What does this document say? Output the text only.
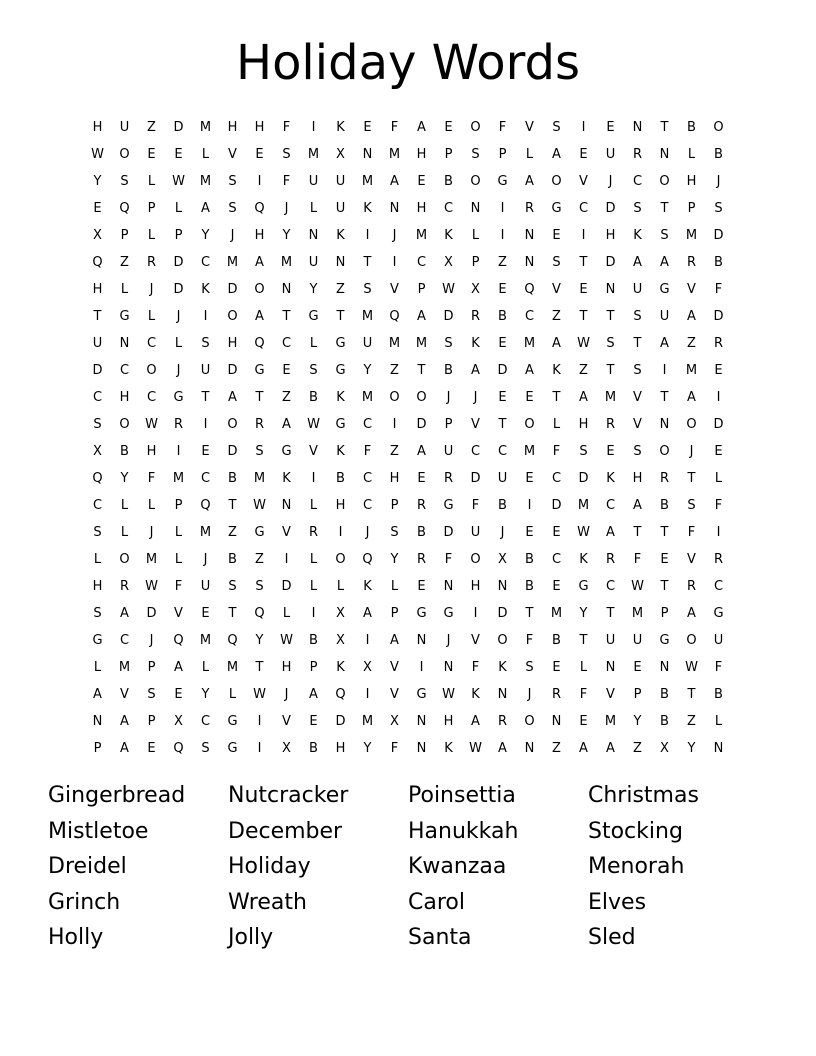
Holiday Words
H	U	Z	D	M	H	H	F	I	K	E	F	A	E	O	F	V	S	I	E	N	T	B	O
W	O	E	E	L	V	E	S	M	X	N	M	H	P	S	P	L	A	E	U	R	N	L	B
Y	S	L	W	M	S	I	F	U	U	M	A	E	B	O	G	A	O	V	J	C	O	H	J
E	Q	P	L	A	S	Q	J	L	U	K	N	H	C	N	I	R	G	C	D	S	T	P	S
X	P	L	P	Y	J	H	Y	N	K	I	J	M	K	L	I	N	E	I	H	K	S	M	D
Q	Z	R	D	C	M	A	M	U	N	T	I	C	X	P	Z	N	S	T	D	A	A	R	B
H	L	J	D	K	D	O	N	Y	Z	S	V	P	W	X	E	Q	V	E	N	U	G	V	F
T	G	L	J	I	O	A	T	G	T	M	Q	A	D	R	B	C	Z	T	T	S	U	A	D
U	N	C	L	S	H	Q	C	L	G	U	M	M	S	K	E	M	A	W	S	T	A	Z	R
D	C	O	J	U	D	G	E	S	G	Y	Z	T	B	A	D	A	K	Z	T	S	I	M	E
C	H	C	G	T	A	T	Z	B	K	M	O	O	J	J	E	E	T	A	M	V	T	A	I
S	O	W	R	I	O	R	A	W	G	C	I	D	P	V	T	O	L	H	R	V	N	O	D
X	B	H	I	E	D	S	G	V	K	F	Z	A	U	C	C	M	F	S	E	S	O	J	E
Q	Y	F	M	C	B	M	K	I	B	C	H	E	R	D	U	E	C	D	K	H	R	T	L
C	L	L	P	Q	T	W	N	L	H	C	P	R	G	F	B	I	D	M	C	A	B	S	F
S	L	J	L	M	Z	G	V	R	I	J	S	B	D	U	J	E	E	W	A	T	T	F	I
L	O	M	L	J	B	Z	I	L	O	Q	Y	R	F	O	X	B	C	K	R	F	E	V	R
H	R	W	F	U	S	S	D	L	L	K	L	E	N	H	N	B	E	G	C	W	T	R	C
S	A	D	V	E	T	Q	L	I	X	A	P	G	G	I	D	T	M	Y	T	M	P	A	G
G	C	J	Q	M	Q	Y	W	B	X	I	A	N	J	V	O	F	B	T	U	U	G	O	U
L	M	P	A	L	M	T	H	P	K	X	V	I	N	F	K	S	E	L	N	E	N	W	F
A	V	S	E	Y	L	W	J	A	Q	I	V	G	W	K	N	J	R	F	V	P	B	T	B
N	A	P	X	C	G	I	V	E	D	M	X	N	H	A	R	O	N	E	M	Y	B	Z	L
P	A	E	Q	S	G	I	X	B	H	Y	F	N	K	W	A	N	Z	A	A	Z	X	Y	N
Gingerbread	Nutcracker	Poinsettia	Christmas
Mistletoe	December	Hanukkah	Stocking
Dreidel	Holiday	Kwanzaa	Menorah
Grinch	Wreath	Carol	Elves
Holly	Jolly	Santa	Sled
